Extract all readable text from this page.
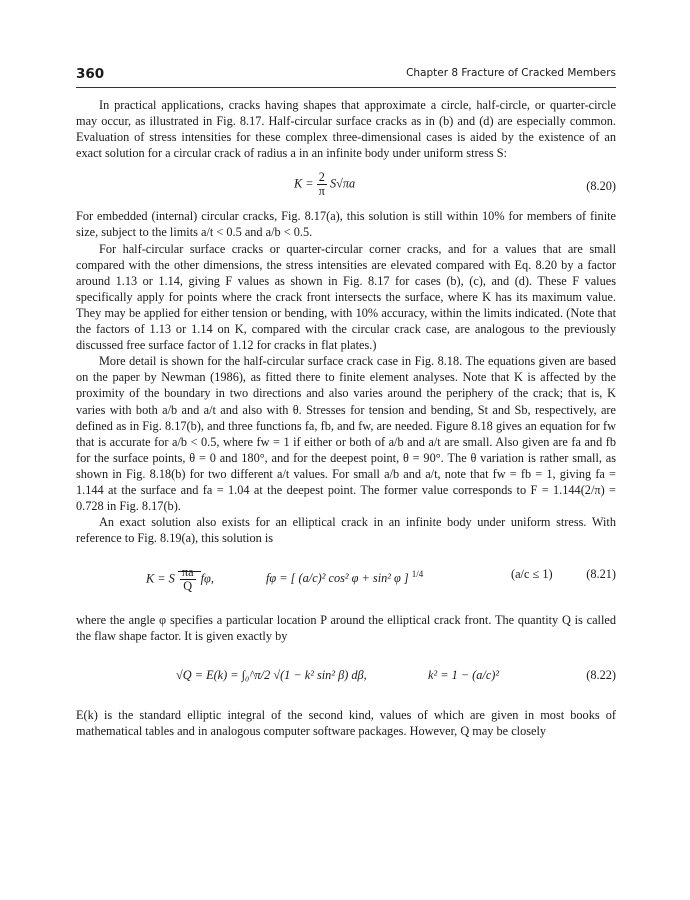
360	Chapter 8 Fracture of Cracked Members

In practical applications, cracks having shapes that approximate a circle, half-circle, or quarter-circle may occur, as illustrated in Fig. 8.17. Half-circular surface cracks as in (b) and (d) are especially common. Evaluation of stress intensities for these complex three-dimensional cases is aided by the existence of an exact solution for a circular crack of radius a in an infinite body under uniform stress S:

$K = \frac{2}{\pi} S√\pi a$	(8.20)

For embedded (internal) circular cracks, Fig. 8.17(a), this solution is still within 10% for members of finite size, subject to the limits a/t < 0.5 and a/b < 0.5.

For half-circular surface cracks or quarter-circular corner cracks, and for a values that are small compared with the other dimensions, the stress intensities are elevated compared with Eq. 8.20 by a factor around 1.13 or 1.14, giving F values as shown in Fig. 8.17 for cases (b), (c), and (d). These F values specifically apply for points where the crack front intersects the surface, where K has its maximum value. They may be applied for either tension or bending, with 10% accuracy, within the limits indicated. (Note that the factors of 1.13 or 1.14 on K, compared with the circular crack case, are analogous to the previously discussed free surface factor of 1.12 for cracks in flat plates.)

More detail is shown for the half-circular surface crack case in Fig. 8.18. The equations given are based on the paper by Newman (1986), as fitted there to finite element analyses. Note that K is affected by the proximity of the boundary in two directions and also varies around the periphery of the crack; that is, K varies with both a/b and a/t and also with θ. Stresses for tension and bending, St and Sb, respectively, are defined as in Fig. 8.17(b), and three functions fa, fb, and fw, are needed. Figure 8.18 gives an equation for fw that is accurate for a/b < 0.5, where fw = 1 if either or both of a/b and a/t are small. Also given are fa and fb for the surface points, θ = 0 and 180°, and for the deepest point, θ = 90°. The θ variation is rather small, as shown in Fig. 8.18(b) for two different a/t values. For small a/b and a/t, note that fw = fb = 1, giving fa = 1.144 at the surface and fa = 1.04 at the deepest point. The former value corresponds to F = 1.144(2/π) = 0.728 in Fig. 8.17(b).

An exact solution also exists for an elliptical crack in an infinite body under uniform stress. With reference to Fig. 8.19(a), this solution is

K = S $\frac{\pi a}{Q} f\varphi$,	fφ = [ (a/c)² cos² φ + sin² φ ] $^{1/4}$	(a/c ≤ 1)	(8.21)

where the angle φ specifies a particular location P around the elliptical crack front. The quantity Q is called the flaw shape factor. It is given exactly by

√Q = E(k) = ∫₀^π/2 √(1 − k² sin² β) dβ,	k² = 1 − (a/c)²	(8.22)

E(k) is the standard elliptic integral of the second kind, values of which are given in most books of mathematical tables and in analogous computer software packages. However, Q may be closely
